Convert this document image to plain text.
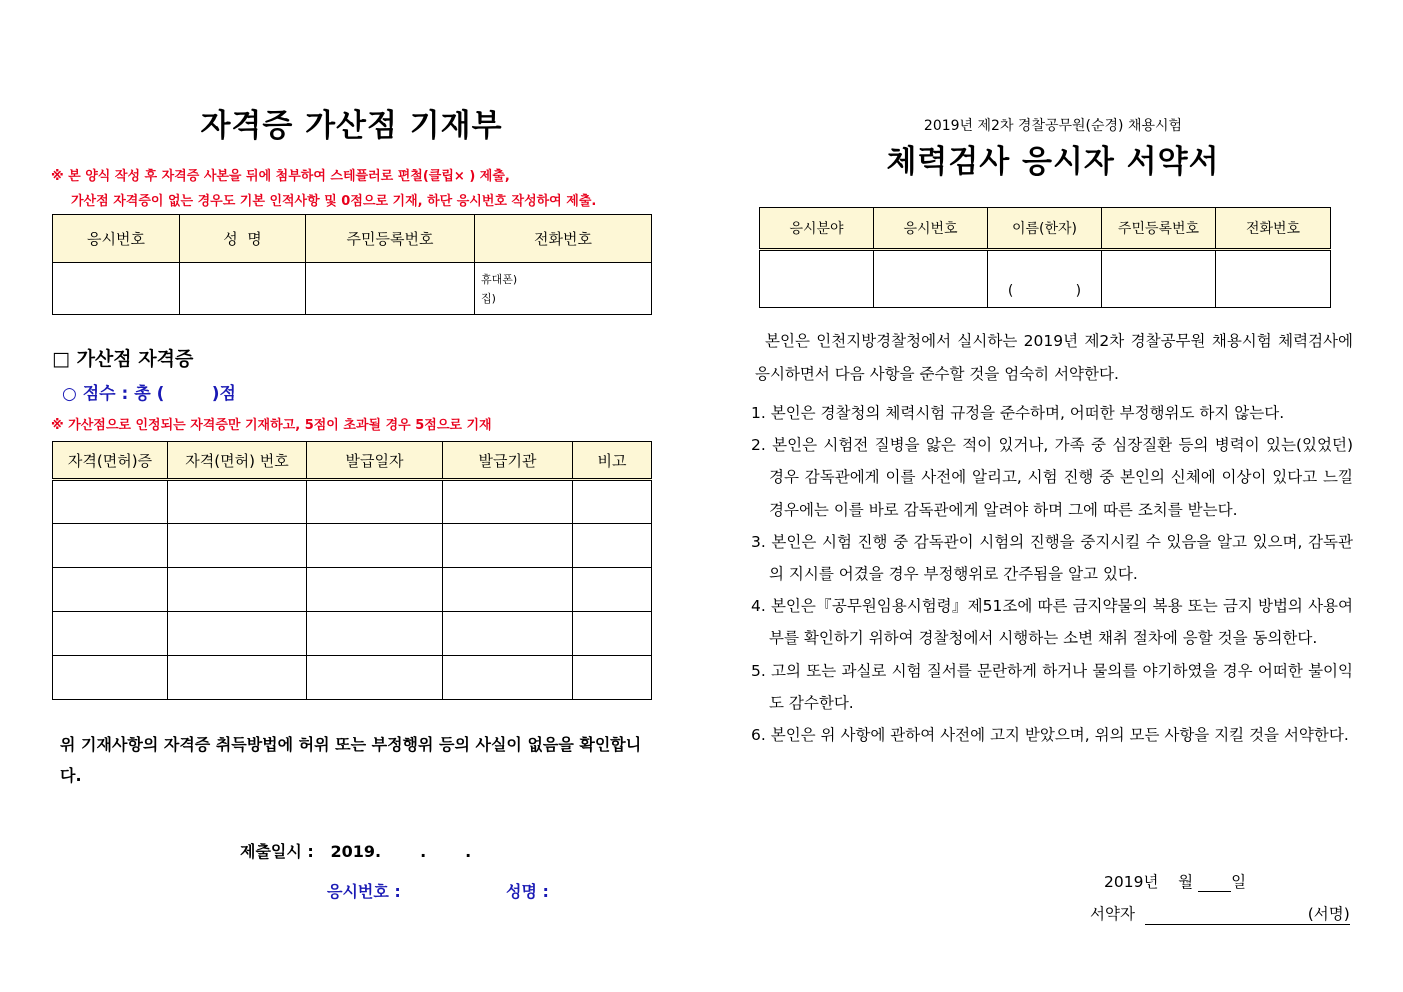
자격증 가산점 기재부
※ 본 양식 작성 후 자격증 사본을 뒤에 첨부하여 스테플러로 편철(클립× ) 제출,
가산점 자격증이 없는 경우도 기본 인적사항 및 0점으로 기재, 하단 응시번호 작성하여 제출.
응시번호	성  명	주민등록번호	전화번호

			휴대폰)
집)
□ 가산점 자격증
○ 점수 : 총 (        )점
※ 가산점으로 인정되는 자격증만 기재하고, 5점이 초과될 경우 5점으로 기재
자격(면허)증	자격(면허) 번호	발급일자	발급기관	비고

위 기재사항의 자격증 취득방법에 허위 또는 부정행위 등의 사실이 없음을 확인합니다.
제출일시 :   2019.       .       .
응시번호 :	성명 :
2019년 제2차 경찰공무원(순경) 채용시험
체력검사 응시자 서약서
응시분야	응시번호	이름(한자)	주민등록번호	전화번호
		(              )		
본인은 인천지방경찰청에서 실시하는 2019년 제2차 경찰공무원 채용시험 체력검사에 응시하면서 다음 사항을 준수할 것을 엄숙히 서약한다.
1. 본인은 경찰청의 체력시험 규정을 준수하며, 어떠한 부정행위도 하지 않는다.
2. 본인은 시험전 질병을 앓은 적이 있거나, 가족 중 심장질환 등의 병력이 있는(있었던) 경우 감독관에게 이를 사전에 알리고, 시험 진행 중 본인의 신체에 이상이 있다고 느낄 경우에는 이를 바로 감독관에게 알려야 하며 그에 따른 조치를 받는다.
3. 본인은 시험 진행 중 감독관이 시험의 진행을 중지시킬 수 있음을 알고 있으며, 감독관의 지시를 어겼을 경우 부정행위로 간주됨을 알고 있다.
4. 본인은『공무원임용시험령』제51조에 따른 금지약물의 복용 또는 금지 방법의 사용여부를 확인하기 위하여 경찰청에서 시행하는 소변 채취 절차에 응할 것을 동의한다.
5. 고의 또는 과실로 시험 질서를 문란하게 하거나 물의를 야기하였을 경우 어떠한 불이익도 감수한다.
6. 본인은 위 사항에 관하여 사전에 고지 받았으며, 위의 모든 사항을 지킬 것을 서약한다.
2019년 월 일
서약자	(서명)
